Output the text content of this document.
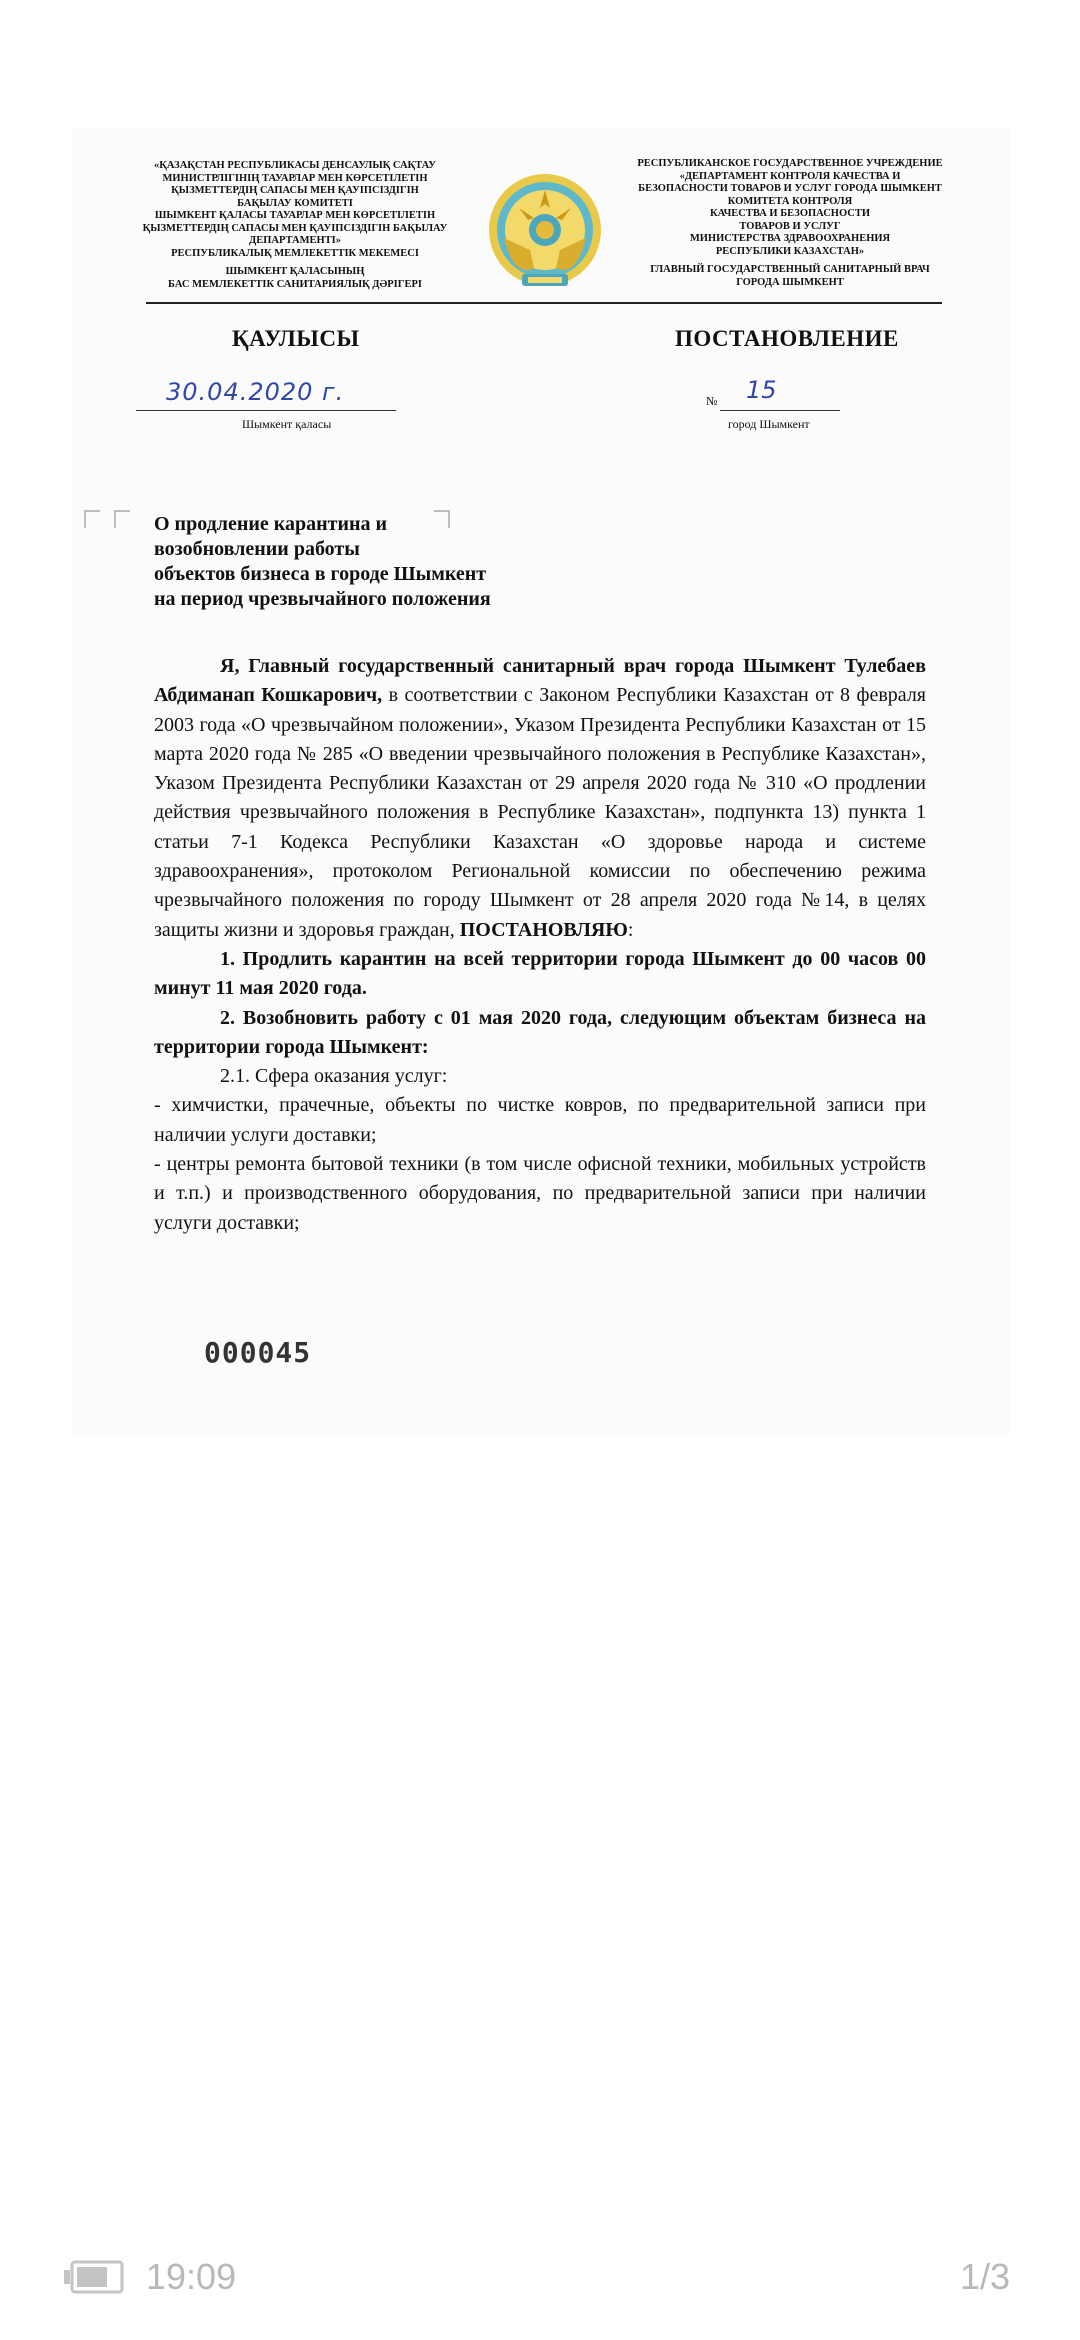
«ҚАЗАҚСТАН РЕСПУБЛИКАСЫ ДЕНСАУЛЫҚ САҚТАУ
МИНИСТРЛІГІНІҢ ТАУАРЛАР МЕН КӨРСЕТІЛЕТІН
ҚЫЗМЕТТЕРДІҢ САПАСЫ МЕН ҚАУІПСІЗДІГІН
БАҚЫЛАУ КОМИТЕТІ
ШЫМКЕНТ ҚАЛАСЫ ТАУАРЛАР МЕН КӨРСЕТІЛЕТІН
ҚЫЗМЕТТЕРДІҢ САПАСЫ МЕН ҚАУІПСІЗДІГІН БАҚЫЛАУ
ДЕПАРТАМЕНТІ»
РЕСПУБЛИКАЛЫҚ МЕМЛЕКЕТТІК МЕКЕМЕСІ
ШЫМКЕНТ ҚАЛАСЫНЫҢ
БАС МЕМЛЕКЕТТІК САНИТАРИЯЛЫҚ ДӘРІГЕРІ
РЕСПУБЛИКАНСКОЕ ГОСУДАРСТВЕННОЕ УЧРЕЖДЕНИЕ
«ДЕПАРТАМЕНТ КОНТРОЛЯ КАЧЕСТВА И
БЕЗОПАСНОСТИ ТОВАРОВ И УСЛУГ ГОРОДА ШЫМКЕНТ
КОМИТЕТА КОНТРОЛЯ
КАЧЕСТВА И БЕЗОПАСНОСТИ
ТОВАРОВ И УСЛУГ
МИНИСТЕРСТВА ЗДРАВООХРАНЕНИЯ
РЕСПУБЛИКИ КАЗАХСТАН»
ГЛАВНЫЙ ГОСУДАРСТВЕННЫЙ САНИТАРНЫЙ ВРАЧ
ГОРОДА ШЫМКЕНТ
ҚАУЛЫСЫ	ПОСТАНОВЛЕНИЕ
30.04.2020 г.
Шымкент қаласы
№ 15
город Шымкент
О продление карантина и
возобновлении работы
объектов бизнеса в городе Шымкент
на период чрезвычайного положения

Я, Главный государственный санитарный врач города Шымкент Тулебаев Абдиманап Кошкарович, в соответствии с Законом Республики Казахстан от 8 февраля 2003 года «О чрезвычайном положении», Указом Президента Республики Казахстан от 15 марта 2020 года № 285 «О введении чрезвычайного положения в Республике Казахстан», Указом Президента Республики Казахстан от 29 апреля 2020 года № 310 «О продлении действия чрезвычайного положения в Республике Казахстан», подпункта 13) пункта 1 статьи 7-1 Кодекса Республики Казахстан «О здоровье народа и системе здравоохранения», протоколом Региональной комиссии по обеспечению режима чрезвычайного положения по городу Шымкент от 28 апреля 2020 года №14, в целях защиты жизни и здоровья граждан, ПОСТАНОВЛЯЮ:

1. Продлить карантин на всей территории города Шымкент до 00 часов 00 минут 11 мая 2020 года.

2. Возобновить работу с 01 мая 2020 года, следующим объектам бизнеса на территории города Шымкент:

2.1. Сфера оказания услуг:

- химчистки, прачечные, объекты по чистке ковров, по предварительной записи при наличии услуги доставки;

- центры ремонта бытовой техники (в том числе офисной техники, мобильных устройств и т.п.) и производственного оборудования, по предварительной записи при наличии услуги доставки;

000045
19:09	1/3
